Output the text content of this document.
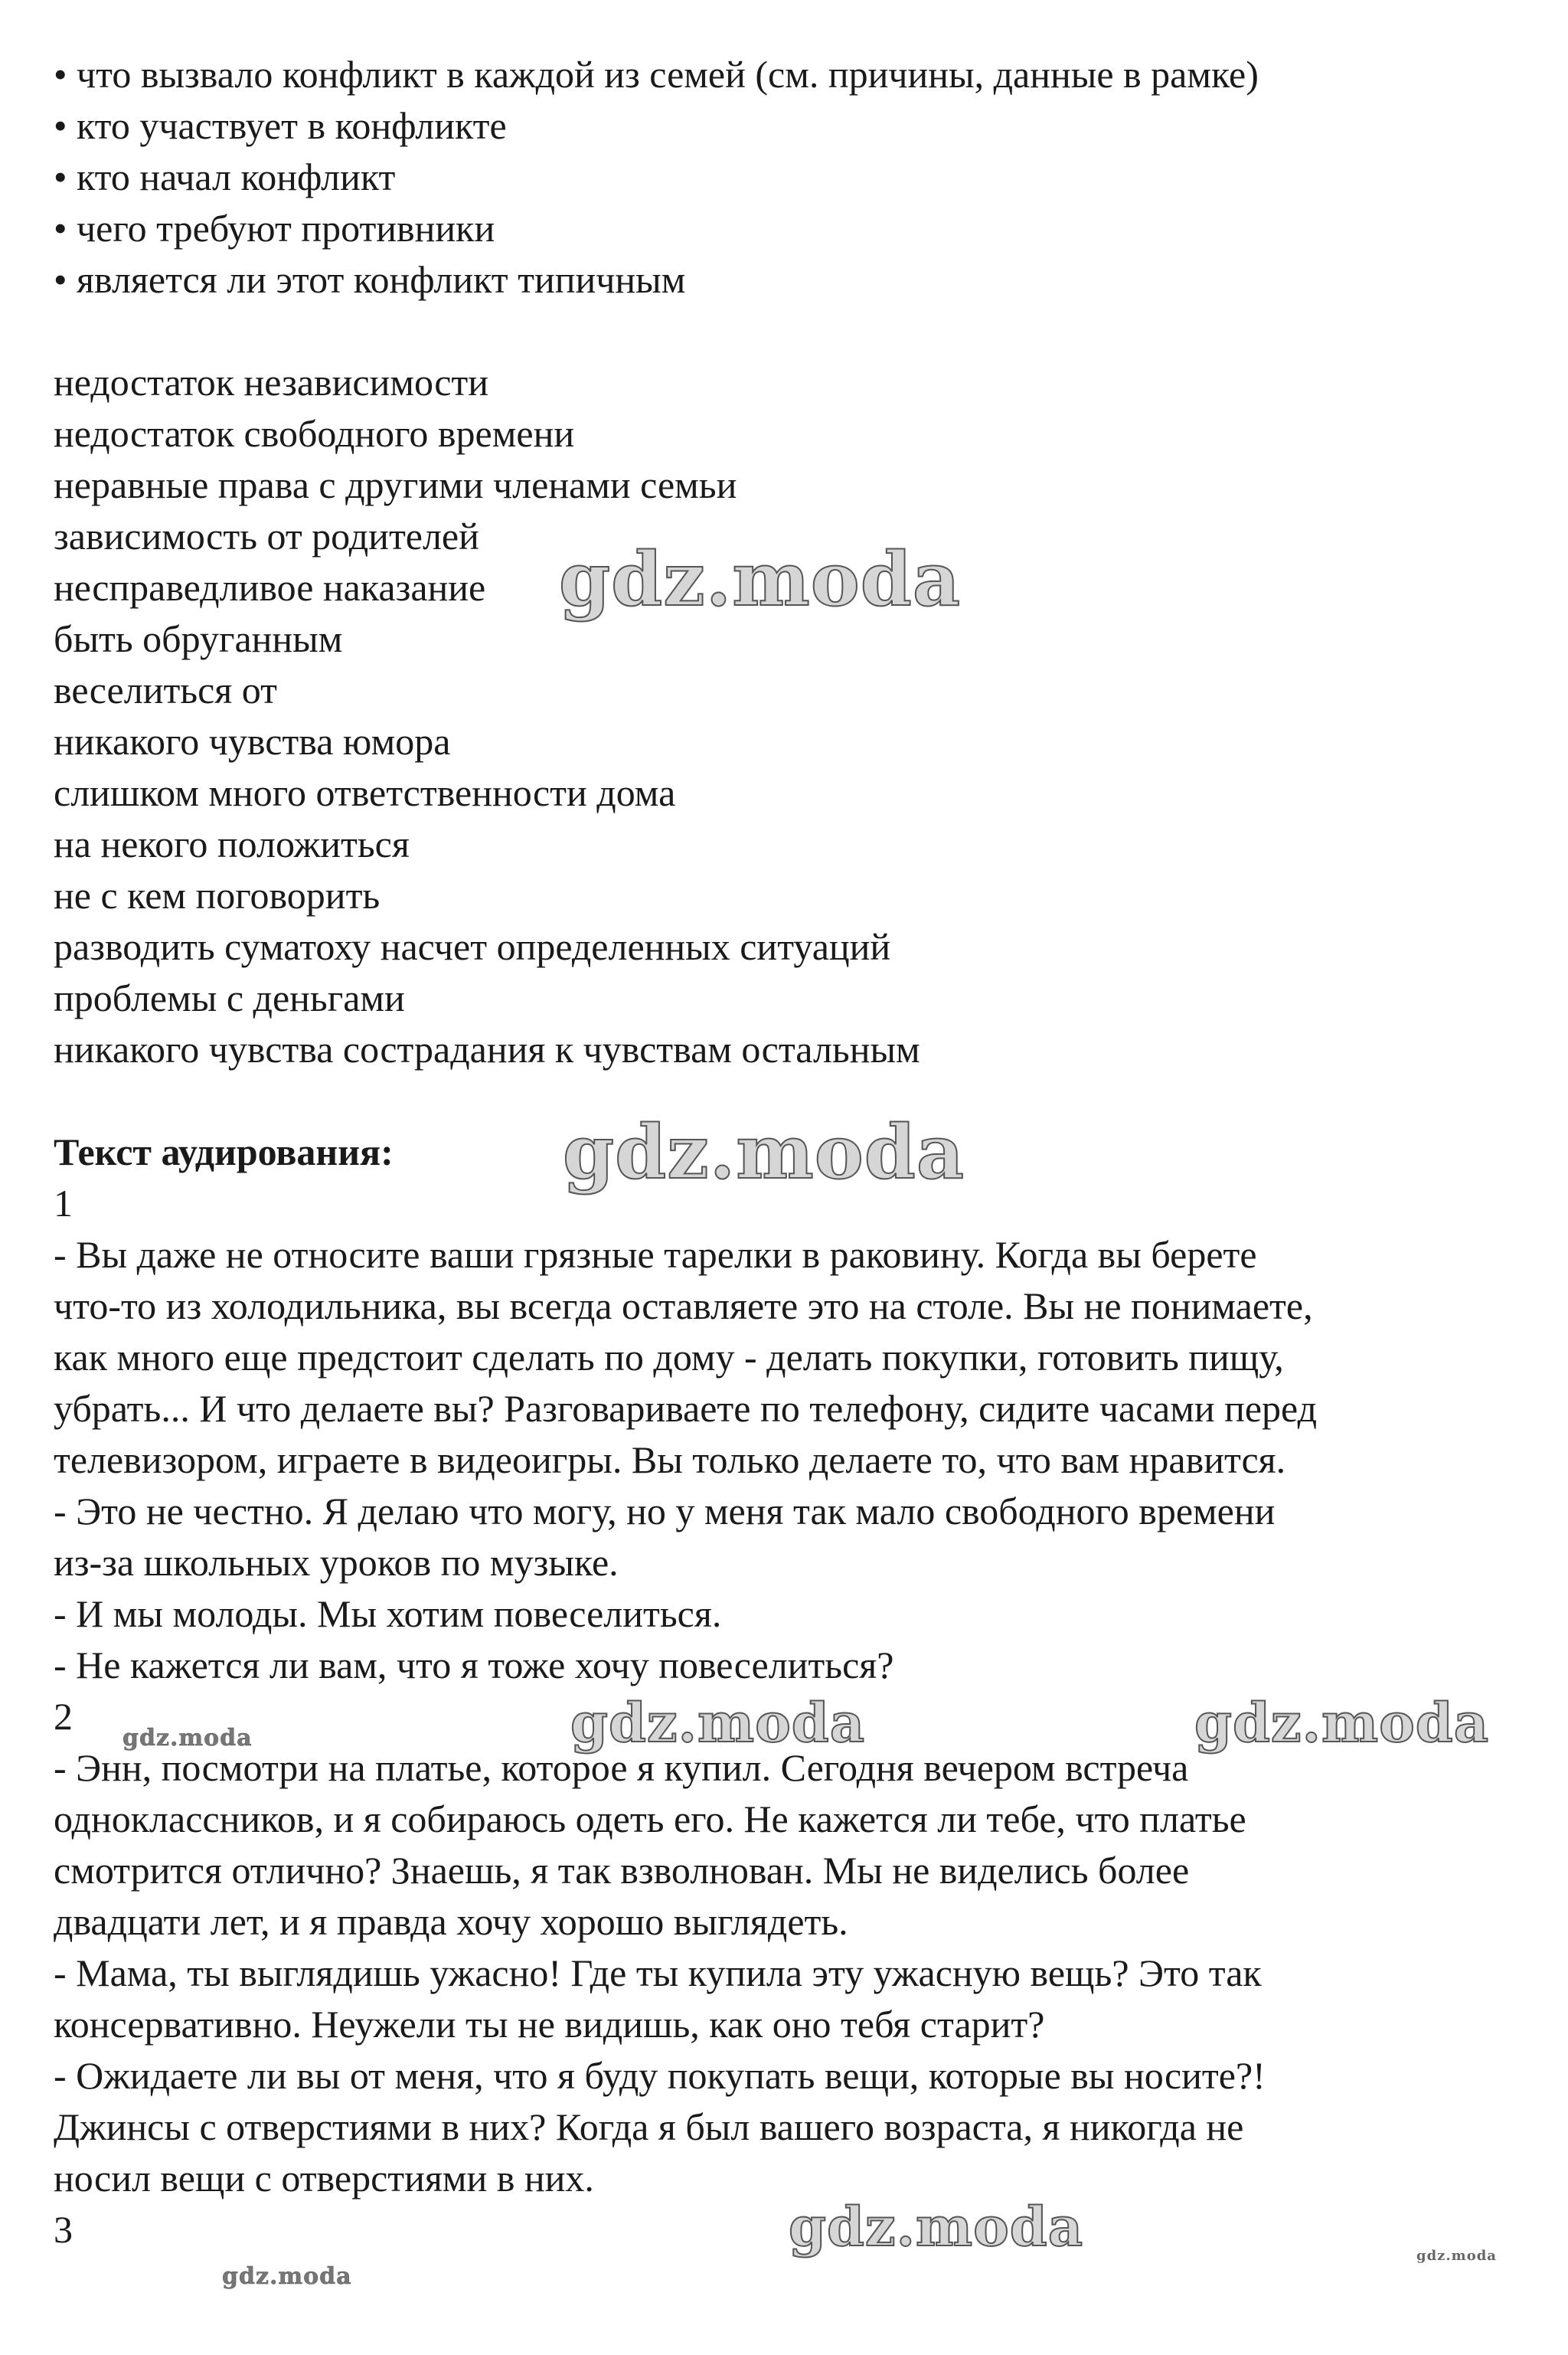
• что вызвало конфликт в каждой из семей (см. причины, данные в рамке)
• кто участвует в конфликте
• кто начал конфликт
• чего требуют противники
• является ли этот конфликт типичным
недостаток независимости
недостаток свободного времени
неравные права с другими членами семьи
зависимость от родителей
несправедливое наказание
быть обруганным
веселиться от
никакого чувства юмора
слишком много ответственности дома
на некого положиться
не с кем поговорить
разводить суматоху насчет определенных ситуаций
проблемы с деньгами
никакого чувства сострадания к чувствам остальным
Текст аудирования:
1
- Вы даже не относите ваши грязные тарелки в раковину. Когда вы берете
что-то из холодильника, вы всегда оставляете это на столе. Вы не понимаете,
как много еще предстоит сделать по дому - делать покупки, готовить пищу,
убрать... И что делаете вы? Разговариваете по телефону, сидите часами перед
телевизором, играете в видеоигры. Вы только делаете то, что вам нравится.
- Это не честно. Я делаю что могу, но у меня так мало свободного времени
из-за школьных уроков по музыке.
- И мы молоды. Мы хотим повеселиться.
- Не кажется ли вам, что я тоже хочу повеселиться?
2
- Энн, посмотри на платье, которое я купил. Сегодня вечером встреча
одноклассников, и я собираюсь одеть его. Не кажется ли тебе, что платье
смотрится отлично? Знаешь, я так взволнован. Мы не виделись более
двадцати лет, и я правда хочу хорошо выглядеть.
- Мама, ты выглядишь ужасно! Где ты купила эту ужасную вещь? Это так
консервативно. Неужели ты не видишь, как оно тебя старит?
- Ожидаете ли вы от меня, что я буду покупать вещи, которые вы носите?!
Джинсы с отверстиями в них? Когда я был вашего возраста, я никогда не
носил вещи с отверстиями в них.
3
gdz.moda
gdz.moda
gdz.moda	gdz.moda
gdz.moda
gdz.moda
gdz.moda
gdz.moda
